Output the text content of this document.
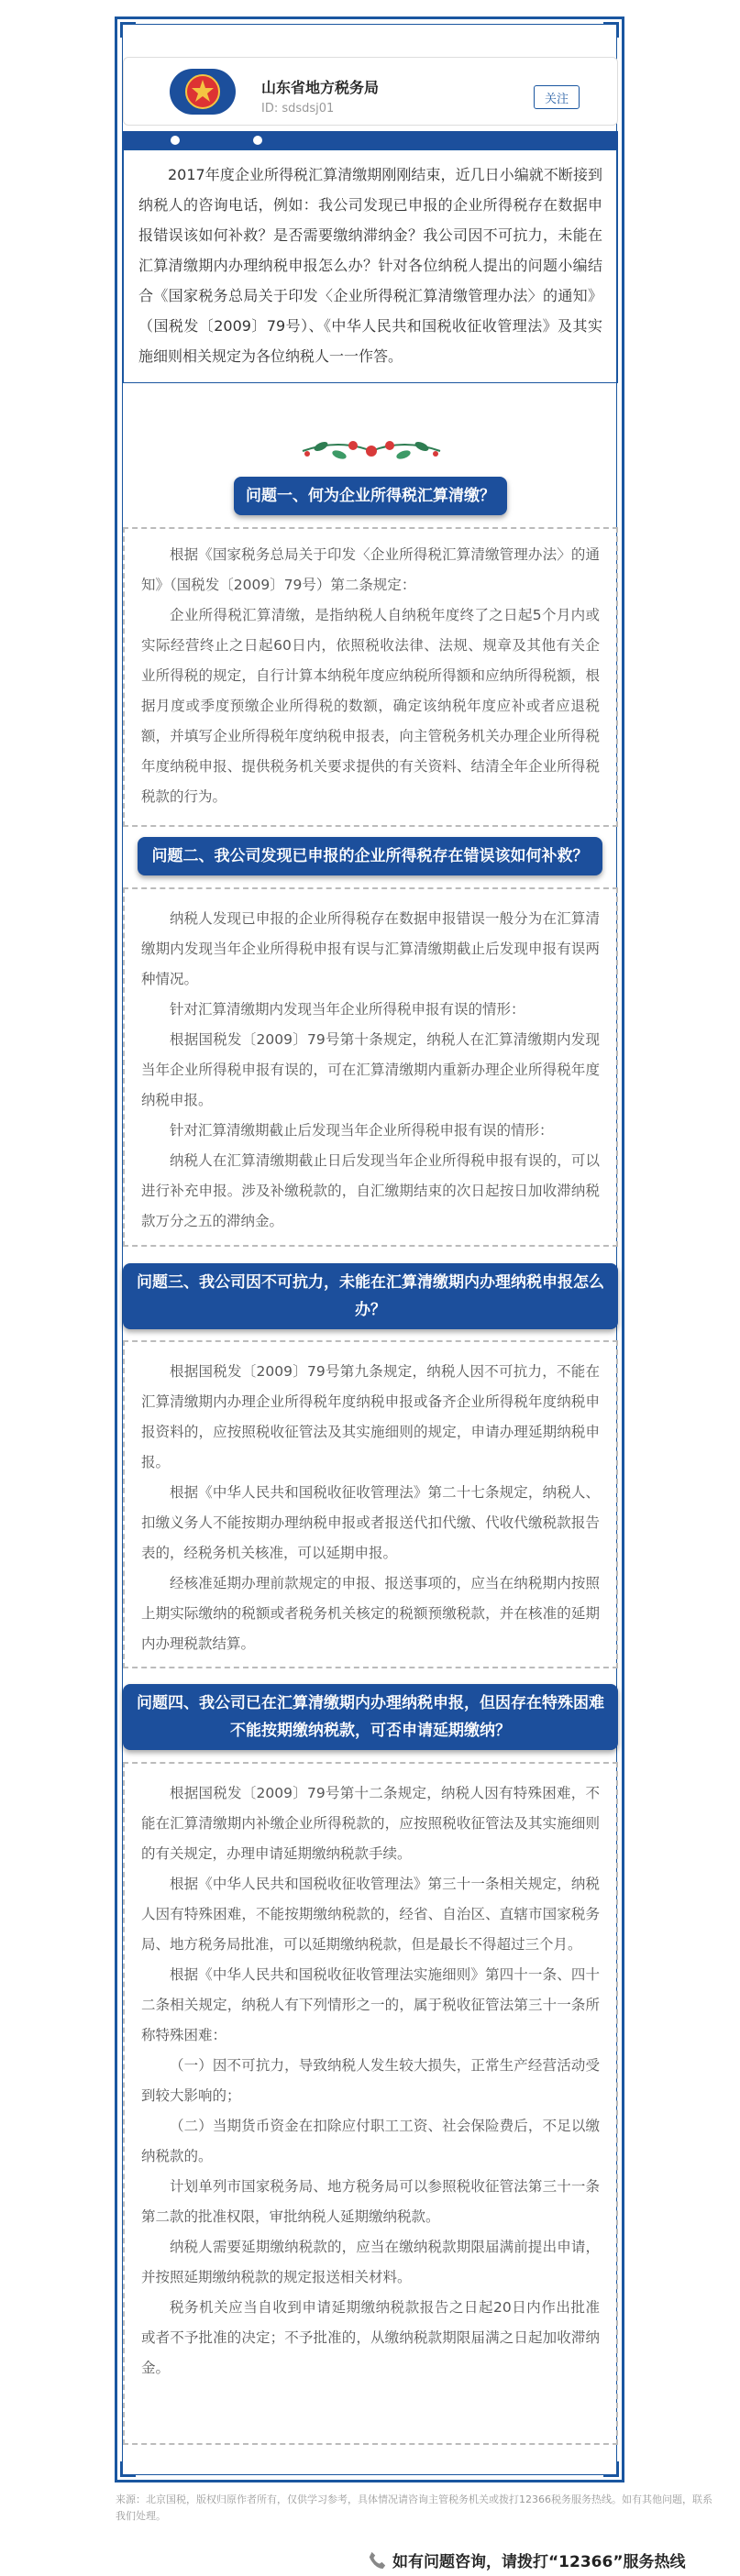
山东省地方税务局
ID: sdsdsj01
关注

2017年度企业所得税汇算清缴期刚刚结束，近几日小编就不断接到纳税人的咨询电话，例如：我公司发现已申报的企业所得税存在数据申报错误该如何补救？是否需要缴纳滞纳金？我公司因不可抗力，未能在汇算清缴期内办理纳税申报怎么办？针对各位纳税人提出的问题小编结合《国家税务总局关于印发〈企业所得税汇算清缴管理办法〉的通知》（国税发〔2009〕79号）、《中华人民共和国税收征收管理法》及其实施细则相关规定为各位纳税人一一作答。

问题一、何为企业所得税汇算清缴？

根据《国家税务总局关于印发〈企业所得税汇算清缴管理办法〉的通知》（国税发〔2009〕79号）第二条规定：

企业所得税汇算清缴，是指纳税人自纳税年度终了之日起5个月内或实际经营终止之日起60日内，依照税收法律、法规、规章及其他有关企业所得税的规定，自行计算本纳税年度应纳税所得额和应纳所得税额，根据月度或季度预缴企业所得税的数额，确定该纳税年度应补或者应退税额，并填写企业所得税年度纳税申报表，向主管税务机关办理企业所得税年度纳税申报、提供税务机关要求提供的有关资料、结清全年企业所得税税款的行为。

问题二、我公司发现已申报的企业所得税存在错误该如何补救？

纳税人发现已申报的企业所得税存在数据申报错误一般分为在汇算清缴期内发现当年企业所得税申报有误与汇算清缴期截止后发现申报有误两种情况。

针对汇算清缴期内发现当年企业所得税申报有误的情形：

根据国税发〔2009〕79号第十条规定，纳税人在汇算清缴期内发现当年企业所得税申报有误的，可在汇算清缴期内重新办理企业所得税年度纳税申报。

针对汇算清缴期截止后发现当年企业所得税申报有误的情形：

纳税人在汇算清缴期截止日后发现当年企业所得税申报有误的，可以进行补充申报。涉及补缴税款的，自汇缴期结束的次日起按日加收滞纳税款万分之五的滞纳金。

问题三、我公司因不可抗力，未能在汇算清缴期内办理纳税申报怎么办？

根据国税发〔2009〕79号第九条规定，纳税人因不可抗力，不能在汇算清缴期内办理企业所得税年度纳税申报或备齐企业所得税年度纳税申报资料的，应按照税收征管法及其实施细则的规定，申请办理延期纳税申报。

根据《中华人民共和国税收征收管理法》第二十七条规定，纳税人、扣缴义务人不能按期办理纳税申报或者报送代扣代缴、代收代缴税款报告表的，经税务机关核准，可以延期申报。

经核准延期办理前款规定的申报、报送事项的，应当在纳税期内按照上期实际缴纳的税额或者税务机关核定的税额预缴税款，并在核准的延期内办理税款结算。

问题四、我公司已在汇算清缴期内办理纳税申报，但因存在特殊困难不能按期缴纳税款，可否申请延期缴纳？

根据国税发〔2009〕79号第十二条规定，纳税人因有特殊困难，不能在汇算清缴期内补缴企业所得税款的，应按照税收征管法及其实施细则的有关规定，办理申请延期缴纳税款手续。

根据《中华人民共和国税收征收管理法》第三十一条相关规定，纳税人因有特殊困难，不能按期缴纳税款的，经省、自治区、直辖市国家税务局、地方税务局批准，可以延期缴纳税款，但是最长不得超过三个月。

根据《中华人民共和国税收征收管理法实施细则》第四十一条、四十二条相关规定，纳税人有下列情形之一的，属于税收征管法第三十一条所称特殊困难：

（一）因不可抗力，导致纳税人发生较大损失，正常生产经营活动受到较大影响的；

（二）当期货币资金在扣除应付职工工资、社会保险费后，不足以缴纳税款的。

计划单列市国家税务局、地方税务局可以参照税收征管法第三十一条第二款的批准权限，审批纳税人延期缴纳税款。

纳税人需要延期缴纳税款的，应当在缴纳税款期限届满前提出申请，并按照延期缴纳税款的规定报送相关材料。

税务机关应当自收到申请延期缴纳税款报告之日起20日内作出批准或者不予批准的决定；不予批准的，从缴纳税款期限届满之日起加收滞纳金。

来源：北京国税，版权归原作者所有，仅供学习参考，具体情况请咨询主管税务机关或拨打12366税务服务热线。如有其他问题，联系我们处理。
如有问题咨询，请拨打“12366”服务热线
